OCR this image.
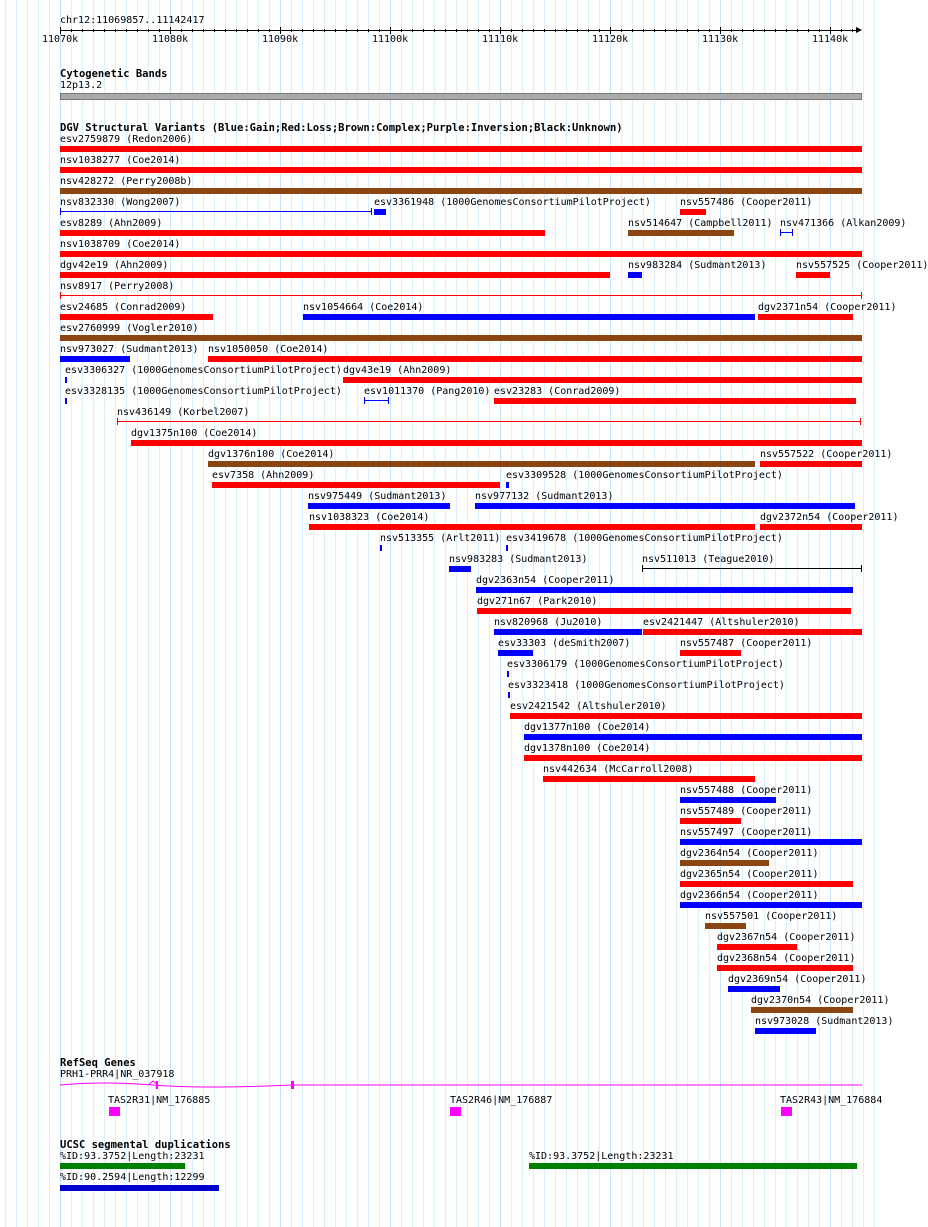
chr12:11069857..11142417
11070k	11080k	11090k	11100k	11110k	11120k	11130k	11140k
Cytogenetic Bands
12p13.2
DGV Structural Variants (Blue:Gain;Red:Loss;Brown:Complex;Purple:Inversion;Black:Unknown)
esv2759879 (Redon2006)
nsv1038277 (Coe2014)
nsv428272 (Perry2008b)
nsv832330 (Wong2007)	esv3361948 (1000GenomesConsortiumPilotProject)	nsv557486 (Cooper2011)
esv8289 (Ahn2009)	nsv514647 (Campbell2011) nsv471366 (Alkan2009)
nsv1038709 (Coe2014)
dgv42e19 (Ahn2009)	nsv983284 (Sudmant2013)	nsv557525 (Cooper2011)
nsv8917 (Perry2008)
esv24685 (Conrad2009)	nsv1054664 (Coe2014)	dgv2371n54 (Cooper2011)
esv2760999 (Vogler2010)
nsv973027 (Sudmant2013) nsv1050050 (Coe2014)
esv3306327 (1000GenomesConsortiumPilotProject) dgv43e19 (Ahn2009)
esv3328135 (1000GenomesConsortiumPilotProject) esv1011370 (Pang2010) esv23283 (Conrad2009)
nsv436149 (Korbel2007)
dgv1375n100 (Coe2014)
dgv1376n100 (Coe2014)	nsv557522 (Cooper2011)
esv7358 (Ahn2009)	esv3309528 (1000GenomesConsortiumPilotProject)
nsv975449 (Sudmant2013)	nsv977132 (Sudmant2013)
nsv1038323 (Coe2014)	dgv2372n54 (Cooper2011)
nsv513355 (Arlt2011) esv3419678 (1000GenomesConsortiumPilotProject)
nsv983283 (Sudmant2013)	nsv511013 (Teague2010)
dgv2363n54 (Cooper2011)
dgv271n67 (Park2010)
nsv820968 (Ju2010)	esv2421447 (Altshuler2010)
esv33303 (deSmith2007)	nsv557487 (Cooper2011)
esv3306179 (1000GenomesConsortiumPilotProject)
esv3323418 (1000GenomesConsortiumPilotProject)
esv2421542 (Altshuler2010)
dgv1377n100 (Coe2014)
dgv1378n100 (Coe2014)
nsv442634 (McCarroll2008)
nsv557488 (Cooper2011)
nsv557489 (Cooper2011)
nsv557497 (Cooper2011)
dgv2364n54 (Cooper2011)
dgv2365n54 (Cooper2011)
dgv2366n54 (Cooper2011)
nsv557501 (Cooper2011)
dgv2367n54 (Cooper2011)
dgv2368n54 (Cooper2011)
dgv2369n54 (Cooper2011)
dgv2370n54 (Cooper2011)
nsv973028 (Sudmant2013)
RefSeq Genes
PRH1-PRR4|NR_037918
TAS2R31|NM_176885	TAS2R46|NM_176887	TAS2R43|NM_176884
UCSC segmental duplications
%ID:93.3752|Length:23231
%ID:90.2594|Length:12299
%ID:93.3752|Length:23231
